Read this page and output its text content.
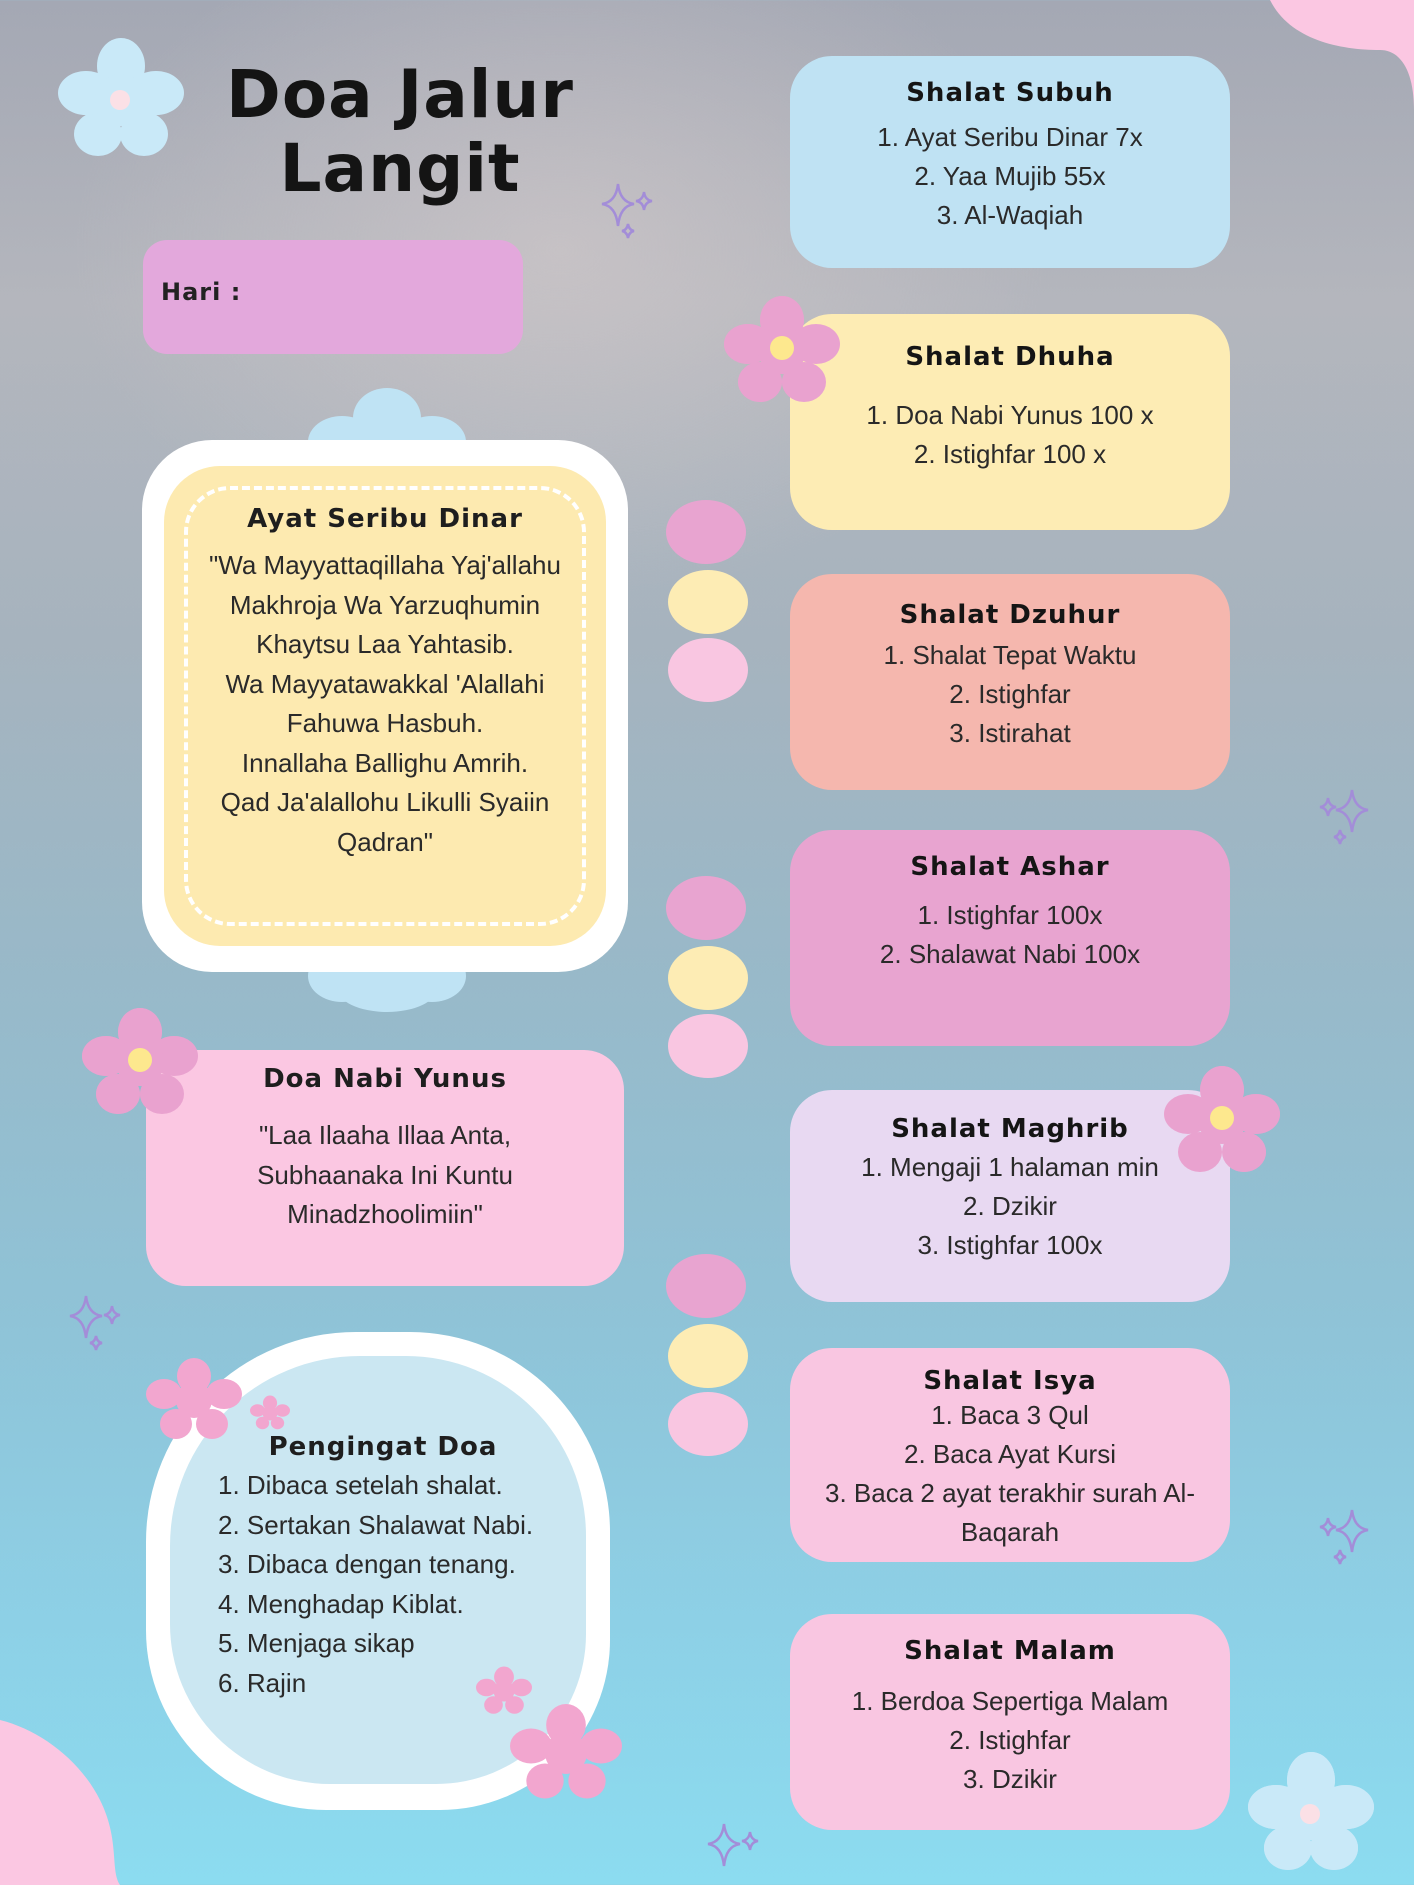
Doa Jalur
Langit
Hari :
Ayat Seribu Dinar
"Wa Mayyattaqillaha Yaj'allahu
Makhroja Wa Yarzuqhumin
Khaytsu Laa Yahtasib.
Wa Mayyatawakkal 'Alallahi
Fahuwa Hasbuh.
Innallaha Ballighu Amrih.
Qad Ja'alallohu Likulli Syaiin
Qadran"
Doa Nabi Yunus
"Laa Ilaaha Illaa Anta,
Subhaanaka Ini Kuntu
Minadzhoolimiin"
Pengingat Doa
1. Dibaca setelah shalat.
2. Sertakan Shalawat Nabi.
3. Dibaca dengan tenang.
4. Menghadap Kiblat.
5. Menjaga sikap
6. Rajin
Shalat Subuh
1. Ayat Seribu Dinar 7x
2. Yaa Mujib 55x
3. Al-Waqiah
Shalat Dhuha
1. Doa Nabi Yunus 100 x
2. Istighfar 100 x
Shalat Dzuhur
1. Shalat Tepat Waktu
2. Istighfar
3. Istirahat
Shalat Ashar
1. Istighfar 100x
2. Shalawat Nabi 100x
Shalat Maghrib
1. Mengaji 1 halaman min
2. Dzikir
3. Istighfar 100x
Shalat Isya
1. Baca 3 Qul
2. Baca Ayat Kursi
3. Baca 2 ayat terakhir surah Al-
Baqarah
Shalat Malam
1. Berdoa Sepertiga Malam
2. Istighfar
3. Dzikir
